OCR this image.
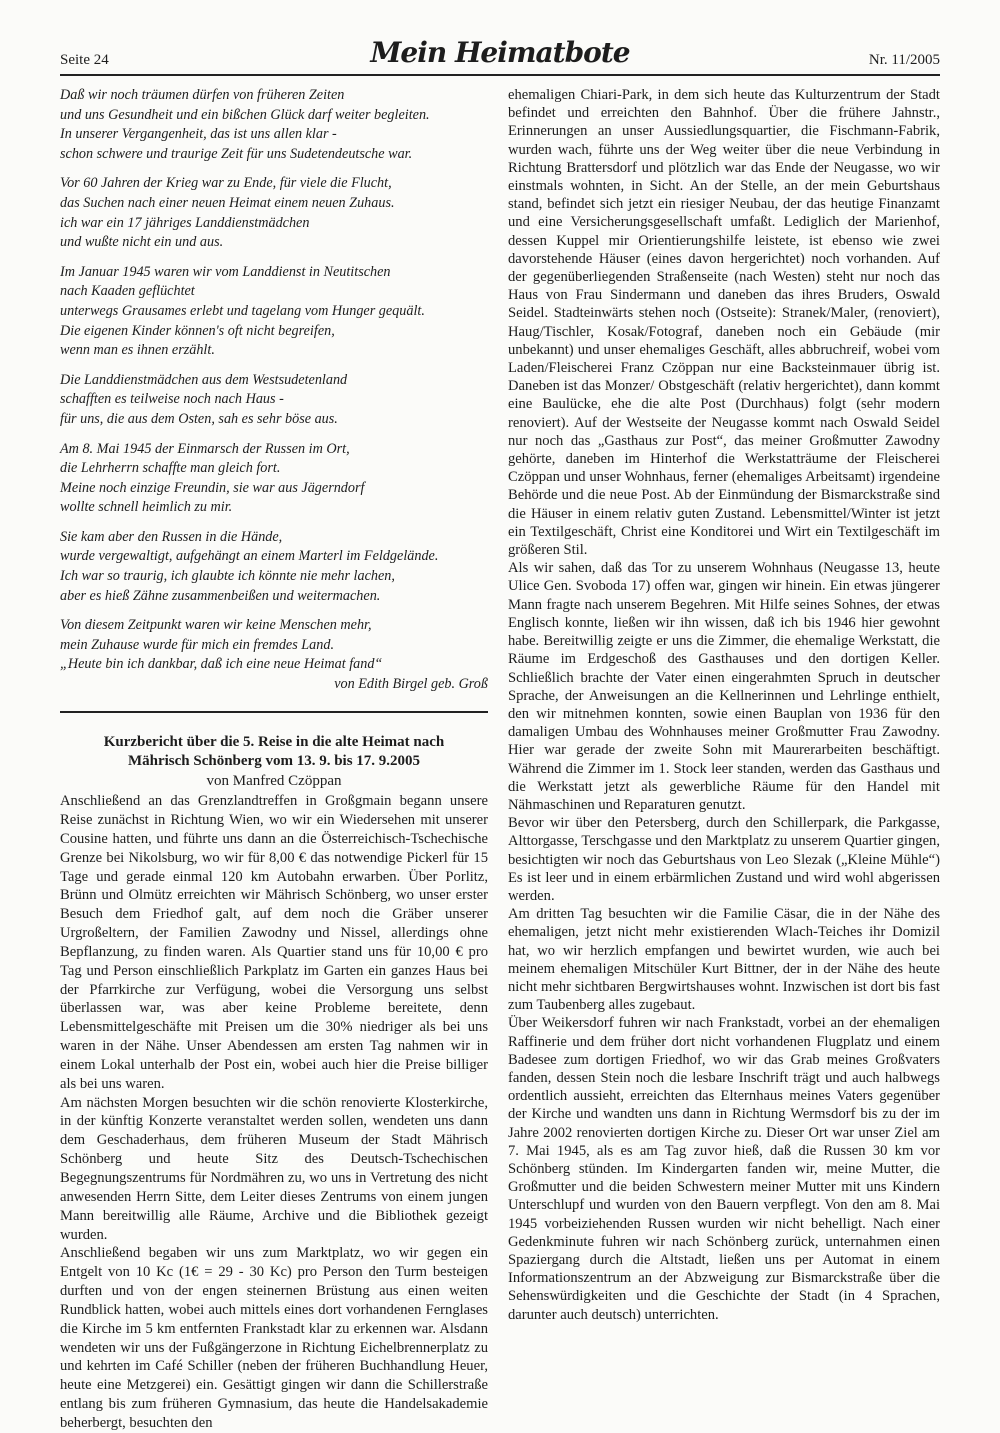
Seite 24	Mein Heimatbote	Nr. 11/2005
Daß wir noch träumen dürfen von früheren Zeiten
und uns Gesundheit und ein bißchen Glück darf weiter begleiten.
In unserer Vergangenheit, das ist uns allen klar -
schon schwere und traurige Zeit für uns Sudetendeutsche war.
Vor 60 Jahren der Krieg war zu Ende, für viele die Flucht,
das Suchen nach einer neuen Heimat einem neuen Zuhaus.
ich war ein 17 jähriges Landdienstmädchen
und wußte nicht ein und aus.
Im Januar 1945 waren wir vom Landdienst in Neutitschen
nach Kaaden geflüchtet
unterwegs Grausames erlebt und tagelang vom Hunger gequält.
Die eigenen Kinder können's oft nicht begreifen,
wenn man es ihnen erzählt.
Die Landdienstmädchen aus dem Westsudetenland
schafften es teilweise noch nach Haus -
für uns, die aus dem Osten, sah es sehr böse aus.
Am 8. Mai 1945 der Einmarsch der Russen im Ort,
die Lehrherrn schaffte man gleich fort.
Meine noch einzige Freundin, sie war aus Jägerndorf
wollte schnell heimlich zu mir.
Sie kam aber den Russen in die Hände,
wurde vergewaltigt, aufgehängt an einem Marterl im Feldgelände.
Ich war so traurig, ich glaubte ich könnte nie mehr lachen,
aber es hieß Zähne zusammenbeißen und weitermachen.
Von diesem Zeitpunkt waren wir keine Menschen mehr,
mein Zuhause wurde für mich ein fremdes Land.
„Heute bin ich dankbar, daß ich eine neue Heimat fand“
von Edith Birgel geb. Groß
Kurzbericht über die 5. Reise in die alte Heimat nach
Mährisch Schönberg vom 13. 9. bis 17. 9.2005
von Manfred Czöppan

Anschließend an das Grenzlandtreffen in Großgmain begann unsere Reise zunächst in Richtung Wien, wo wir ein Wiedersehen mit unserer Cousine hatten, und führte uns dann an die Österreichisch-Tschechische Grenze bei Nikolsburg, wo wir für 8,00 € das notwendige Pickerl für 15 Tage und gerade einmal 120 km Autobahn erwarben. Über Porlitz, Brünn und Olmütz erreichten wir Mährisch Schönberg, wo unser erster Besuch dem Friedhof galt, auf dem noch die Gräber unserer Urgroßeltern, der Familien Zawodny und Nissel, allerdings ohne Bepflanzung, zu finden waren. Als Quartier stand uns für 10,00 € pro Tag und Person einschließlich Parkplatz im Garten ein ganzes Haus bei der Pfarrkirche zur Verfügung, wobei die Versorgung uns selbst überlassen war, was aber keine Probleme bereitete, denn Lebensmittelgeschäfte mit Preisen um die 30% niedriger als bei uns waren in der Nähe. Unser Abendessen am ersten Tag nahmen wir in einem Lokal unterhalb der Post ein, wobei auch hier die Preise billiger als bei uns waren.

Am nächsten Morgen besuchten wir die schön renovierte Klosterkirche, in der künftig Konzerte veranstaltet werden sollen, wendeten uns dann dem Geschaderhaus, dem früheren Museum der Stadt Mährisch Schönberg und heute Sitz des Deutsch-Tschechischen Begegnungszentrums für Nordmähren zu, wo uns in Vertretung des nicht anwesenden Herrn Sitte, dem Leiter dieses Zentrums von einem jungen Mann bereitwillig alle Räume, Archive und die Bibliothek gezeigt wurden.

Anschließend begaben wir uns zum Marktplatz, wo wir gegen ein Entgelt von 10 Kc (1€ = 29 - 30 Kc) pro Person den Turm besteigen durften und von der engen steinernen Brüstung aus einen weiten Rundblick hatten, wobei auch mittels eines dort vorhandenen Fernglases die Kirche im 5 km entfernten Frankstadt klar zu erkennen war. Alsdann wendeten wir uns der Fußgängerzone in Richtung Eichelbrennerplatz zu und kehrten im Café Schiller (neben der früheren Buchhandlung Heuer, heute eine Metzgerei) ein. Gesättigt gingen wir dann die Schillerstraße entlang bis zum früheren Gymnasium, das heute die Handelsakademie beherbergt, besuchten den

ehemaligen Chiari-Park, in dem sich heute das Kulturzentrum der Stadt befindet und erreichten den Bahnhof. Über die frühere Jahnstr., Erinnerungen an unser Aussiedlungsquartier, die Fischmann-Fabrik, wurden wach, führte uns der Weg weiter über die neue Verbindung in Richtung Brattersdorf und plötzlich war das Ende der Neugasse, wo wir einstmals wohnten, in Sicht. An der Stelle, an der mein Geburtshaus stand, befindet sich jetzt ein riesiger Neubau, der das heutige Finanzamt und eine Versicherungsgesellschaft umfaßt. Lediglich der Marienhof, dessen Kuppel mir Orientierungshilfe leistete, ist ebenso wie zwei davorstehende Häuser (eines davon hergerichtet) noch vorhanden. Auf der gegenüberliegenden Straßenseite (nach Westen) steht nur noch das Haus von Frau Sindermann und daneben das ihres Bruders, Oswald Seidel. Stadteinwärts stehen noch (Ostseite): Stranek/Maler, (renoviert), Haug/Tischler, Kosak/Fotograf, daneben noch ein Gebäude (mir unbekannt) und unser ehemaliges Geschäft, alles abbruchreif, wobei vom Laden/Fleischerei Franz Czöppan nur eine Backsteinmauer übrig ist. Daneben ist das Monzer/ Obstgeschäft (relativ hergerichtet), dann kommt eine Baulücke, ehe die alte Post (Durchhaus) folgt (sehr modern renoviert). Auf der Westseite der Neugasse kommt nach Oswald Seidel nur noch das „Gasthaus zur Post“, das meiner Großmutter Zawodny gehörte, daneben im Hinterhof die Werkstatträume der Fleischerei Czöppan und unser Wohnhaus, ferner (ehemaliges Arbeitsamt) irgendeine Behörde und die neue Post. Ab der Einmündung der Bismarckstraße sind die Häuser in einem relativ guten Zustand. Lebensmittel/Winter ist jetzt ein Textilgeschäft, Christ eine Konditorei und Wirt ein Textilgeschäft im größeren Stil.

Als wir sahen, daß das Tor zu unserem Wohnhaus (Neugasse 13, heute Ulice Gen. Svoboda 17) offen war, gingen wir hinein. Ein etwas jüngerer Mann fragte nach unserem Begehren. Mit Hilfe seines Sohnes, der etwas Englisch konnte, ließen wir ihn wissen, daß ich bis 1946 hier gewohnt habe. Bereitwillig zeigte er uns die Zimmer, die ehemalige Werkstatt, die Räume im Erdgeschoß des Gasthauses und den dortigen Keller. Schließlich brachte der Vater einen eingerahmten Spruch in deutscher Sprache, der Anweisungen an die Kellnerinnen und Lehrlinge enthielt, den wir mitnehmen konnten, sowie einen Bauplan von 1936 für den damaligen Umbau des Wohnhauses meiner Großmutter Frau Zawodny. Hier war gerade der zweite Sohn mit Maurerarbeiten beschäftigt. Während die Zimmer im 1. Stock leer standen, werden das Gasthaus und die Werkstatt jetzt als gewerbliche Räume für den Handel mit Nähmaschinen und Reparaturen genutzt.

Bevor wir über den Petersberg, durch den Schillerpark, die Parkgasse, Alttorgasse, Terschgasse und den Marktplatz zu unserem Quartier gingen, besichtigten wir noch das Geburtshaus von Leo Slezak („Kleine Mühle“) Es ist leer und in einem erbärmlichen Zustand und wird wohl abgerissen werden.

Am dritten Tag besuchten wir die Familie Cäsar, die in der Nähe des ehemaligen, jetzt nicht mehr existierenden Wlach-Teiches ihr Domizil hat, wo wir herzlich empfangen und bewirtet wurden, wie auch bei meinem ehemaligen Mitschüler Kurt Bittner, der in der Nähe des heute nicht mehr sichtbaren Bergwirtshauses wohnt. Inzwischen ist dort bis fast zum Taubenberg alles zugebaut.

Über Weikersdorf fuhren wir nach Frankstadt, vorbei an der ehemaligen Raffinerie und dem früher dort nicht vorhandenen Flugplatz und einem Badesee zum dortigen Friedhof, wo wir das Grab meines Großvaters fanden, dessen Stein noch die lesbare Inschrift trägt und auch halbwegs ordentlich aussieht, erreichten das Elternhaus meines Vaters gegenüber der Kirche und wandten uns dann in Richtung Wermsdorf bis zu der im Jahre 2002 renovierten dortigen Kirche zu. Dieser Ort war unser Ziel am 7. Mai 1945, als es am Tag zuvor hieß, daß die Russen 30 km vor Schönberg stünden. Im Kindergarten fanden wir, meine Mutter, die Großmutter und die beiden Schwestern meiner Mutter mit uns Kindern Unterschlupf und wurden von den Bauern verpflegt. Von den am 8. Mai 1945 vorbeiziehenden Russen wurden wir nicht behelligt. Nach einer Gedenkminute fuhren wir nach Schönberg zurück, unternahmen einen Spaziergang durch die Altstadt, ließen uns per Automat in einem Informationszentrum an der Abzweigung zur Bismarckstraße über die Sehenswürdigkeiten und die Geschichte der Stadt (in 4 Sprachen, darunter auch deutsch) unterrichten.
